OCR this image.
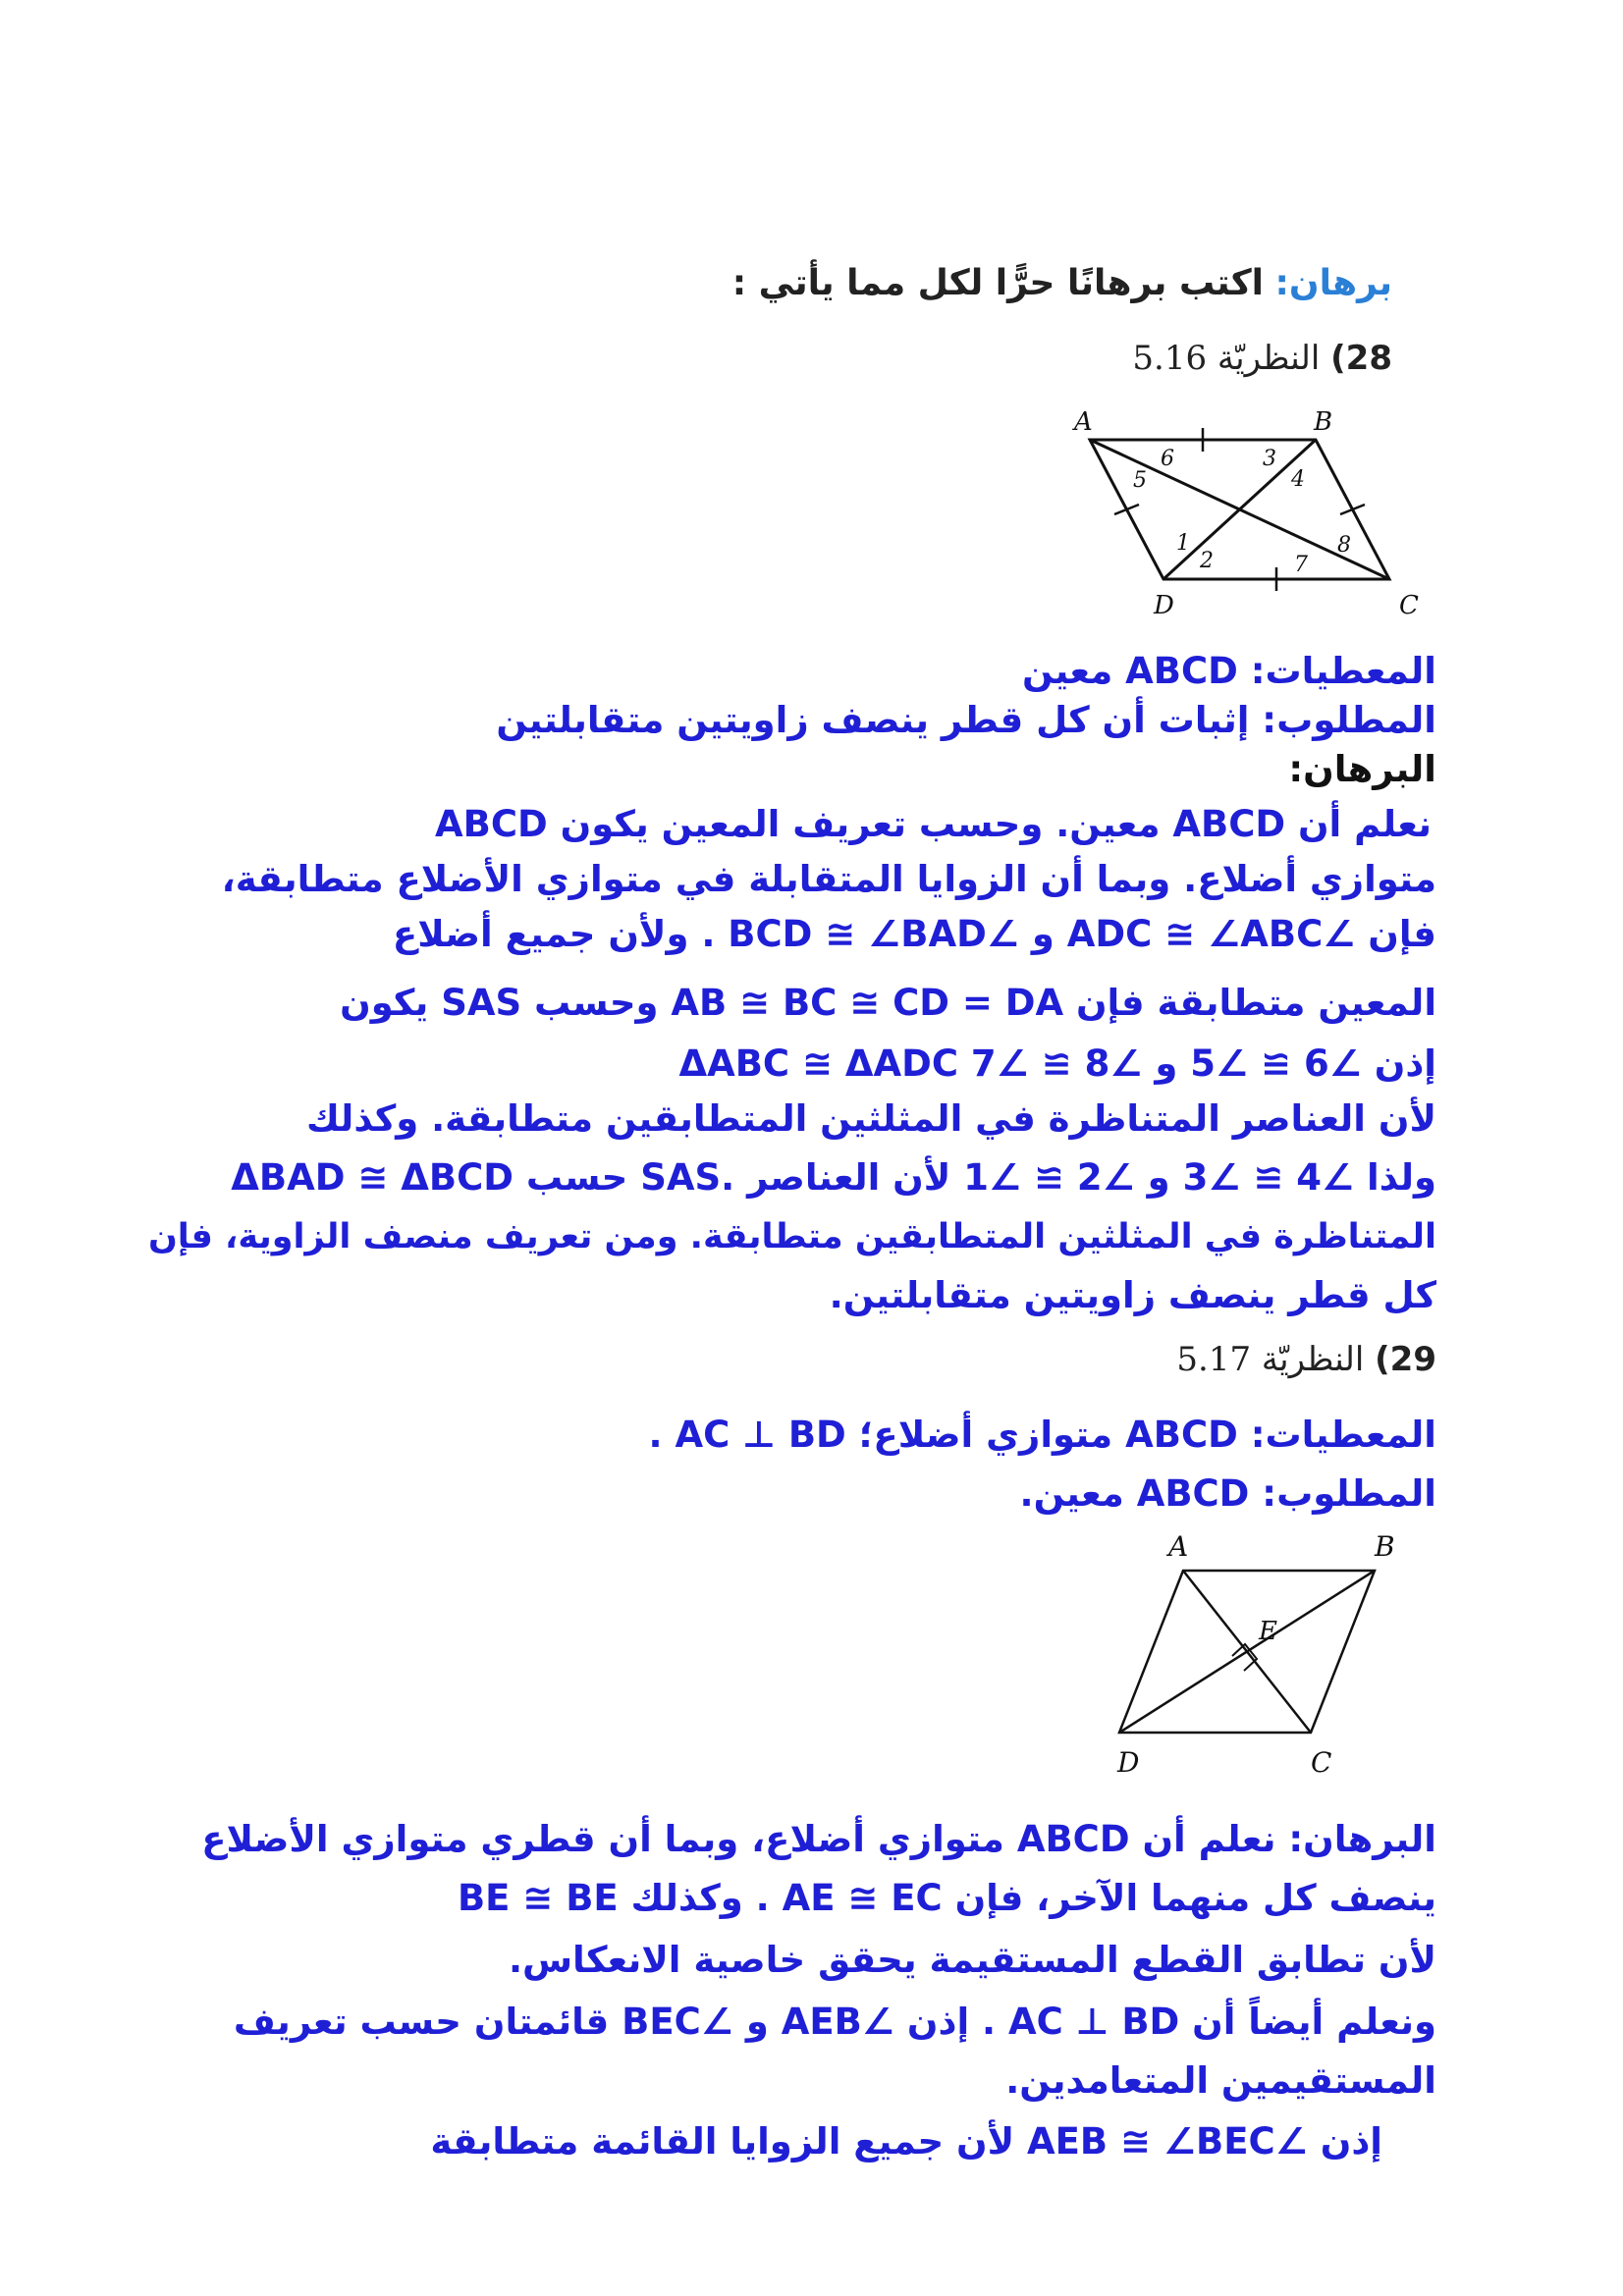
برهان: اكتب برهانًا حرًّا لكل مما يأتي :
28) النظريّة 5.16
A	B
C
D
1
2
3
4
5
6
7
8
المعطيات: ABCD معين
المطلوب: إثبات أن كل قطر ينصف زاويتين متقابلتين
البرهان:
نعلم أن ABCD معين. وحسب تعريف المعين يكون ABCD
متوازي أضلاع. وبما أن الزوايا المتقابلة في متوازي الأضلاع متطابقة،
فإن ∠ADC ≅ ∠ABC و ∠BCD ≅ ∠BAD . ولأن جميع أضلاع
المعين متطابقة فإن AB ≅ BC ≅ CD = DA وحسب SAS يكون
ΔABC ≅ ΔADC إذن ∠6 ≅ ∠5 و ∠8 ≅ ∠7
لأن العناصر المتناظرة في المثلثين المتطابقين متطابقة. وكذلك
ΔBAD ≅ ΔBCD حسب SAS. ولذا ∠4 ≅ ∠3 و ∠2 ≅ ∠1 لأن العناصر
المتناظرة في المثلثين المتطابقين متطابقة. ومن تعريف منصف الزاوية، فإن
كل قطر ينصف زاويتين متقابلتين.
29) النظريّة 5.17
المعطيات: ABCD متوازي أضلاع؛ AC ⊥ BD .
المطلوب: ABCD معين.
A	B
C
D
E
البرهان: نعلم أن ABCD متوازي أضلاع، وبما أن قطري متوازي الأضلاع
ينصف كل منهما الآخر، فإن AE ≅ EC . وكذلك BE ≅ BE
لأن تطابق القطع المستقيمة يحقق خاصية الانعكاس.
ونعلم أيضاً أن AC ⊥ BD . إذن ∠AEB و ∠BEC قائمتان حسب تعريف
المستقيمين المتعامدين.
إذن ∠AEB ≅ ∠BEC لأن جميع الزوايا القائمة متطابقة
